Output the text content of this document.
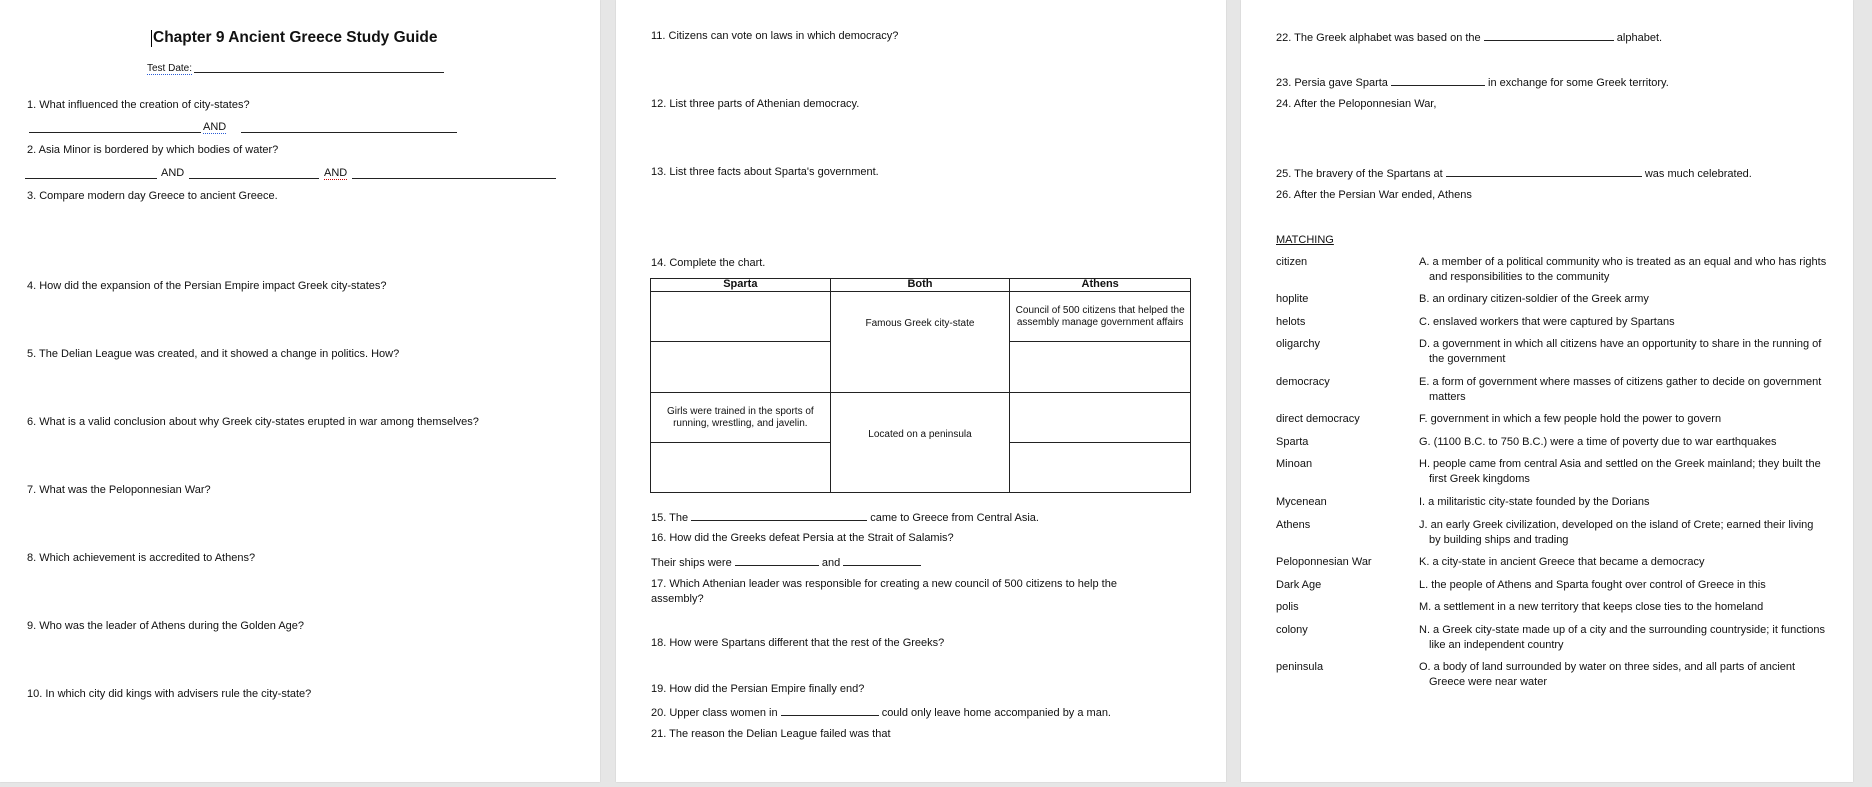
Chapter 9 Ancient Greece Study Guide
Test Date:
1. What influenced the creation of city-states?
AND
2. Asia Minor is bordered by which bodies of water?
AND	AND
3. Compare modern day Greece to ancient Greece.
4. How did the expansion of the Persian Empire impact Greek city-states?
5. The Delian League was created, and it showed a change in politics. How?
6. What is a valid conclusion about why Greek city-states erupted in war among themselves?
7. What was the Peloponnesian War?
8. Which achievement is accredited to Athens?
9. Who was the leader of Athens during the Golden Age?
10. In which city did kings with advisers rule the city-state?
11. Citizens can vote on laws in which democracy?
12. List three parts of Athenian democracy.
13. List three facts about Sparta's government.
14. Complete the chart.
Sparta	Both	Athens
	Famous Greek city-state	Council of 500 citizens that helped the assembly manage government affairs

Girls were trained in the sports of running, wrestling, and javelin.	Located on a peninsula	

15. The	came to Greece from Central Asia.
16. How did the Greeks defeat Persia at the Strait of Salamis?
Their ships were	and
17. Which Athenian leader was responsible for creating a new council of 500 citizens to help the assembly?
18. How were Spartans different that the rest of the Greeks?
19. How did the Persian Empire finally end?
20. Upper class women in	could only leave home accompanied by a man.
21. The reason the Delian League failed was that
22. The Greek alphabet was based on the	alphabet.
23. Persia gave Sparta	in exchange for some Greek territory.
24. After the Peloponnesian War,
25. The bravery of the Spartans at	was much celebrated.
26. After the Persian War ended, Athens
MATCHING
citizen	A. a member of a political community who is treated as an equal and who has rights and responsibilities to the community
hoplite	B. an ordinary citizen-soldier of the Greek army
helots	C. enslaved workers that were captured by Spartans
oligarchy	D. a government in which all citizens have an opportunity to share in the running of the government
democracy	E. a form of government where masses of citizens gather to decide on government matters
direct democracy	F. government in which a few people hold the power to govern
Sparta	G. (1100 B.C. to 750 B.C.) were a time of poverty due to war earthquakes
Minoan	H. people came from central Asia and settled on the Greek mainland; they built the first Greek kingdoms
Mycenean	I. a militaristic city-state founded by the Dorians
Athens	J. an early Greek civilization, developed on the island of Crete; earned their living by building ships and trading
Peloponnesian War	K. a city-state in ancient Greece that became a democracy
Dark Age	L. the people of Athens and Sparta fought over control of Greece in this
polis	M. a settlement in a new territory that keeps close ties to the homeland
colony	N. a Greek city-state made up of a city and the surrounding countryside; it functions like an independent country
peninsula	O. a body of land surrounded by water on three sides, and all parts of ancient Greece were near water
